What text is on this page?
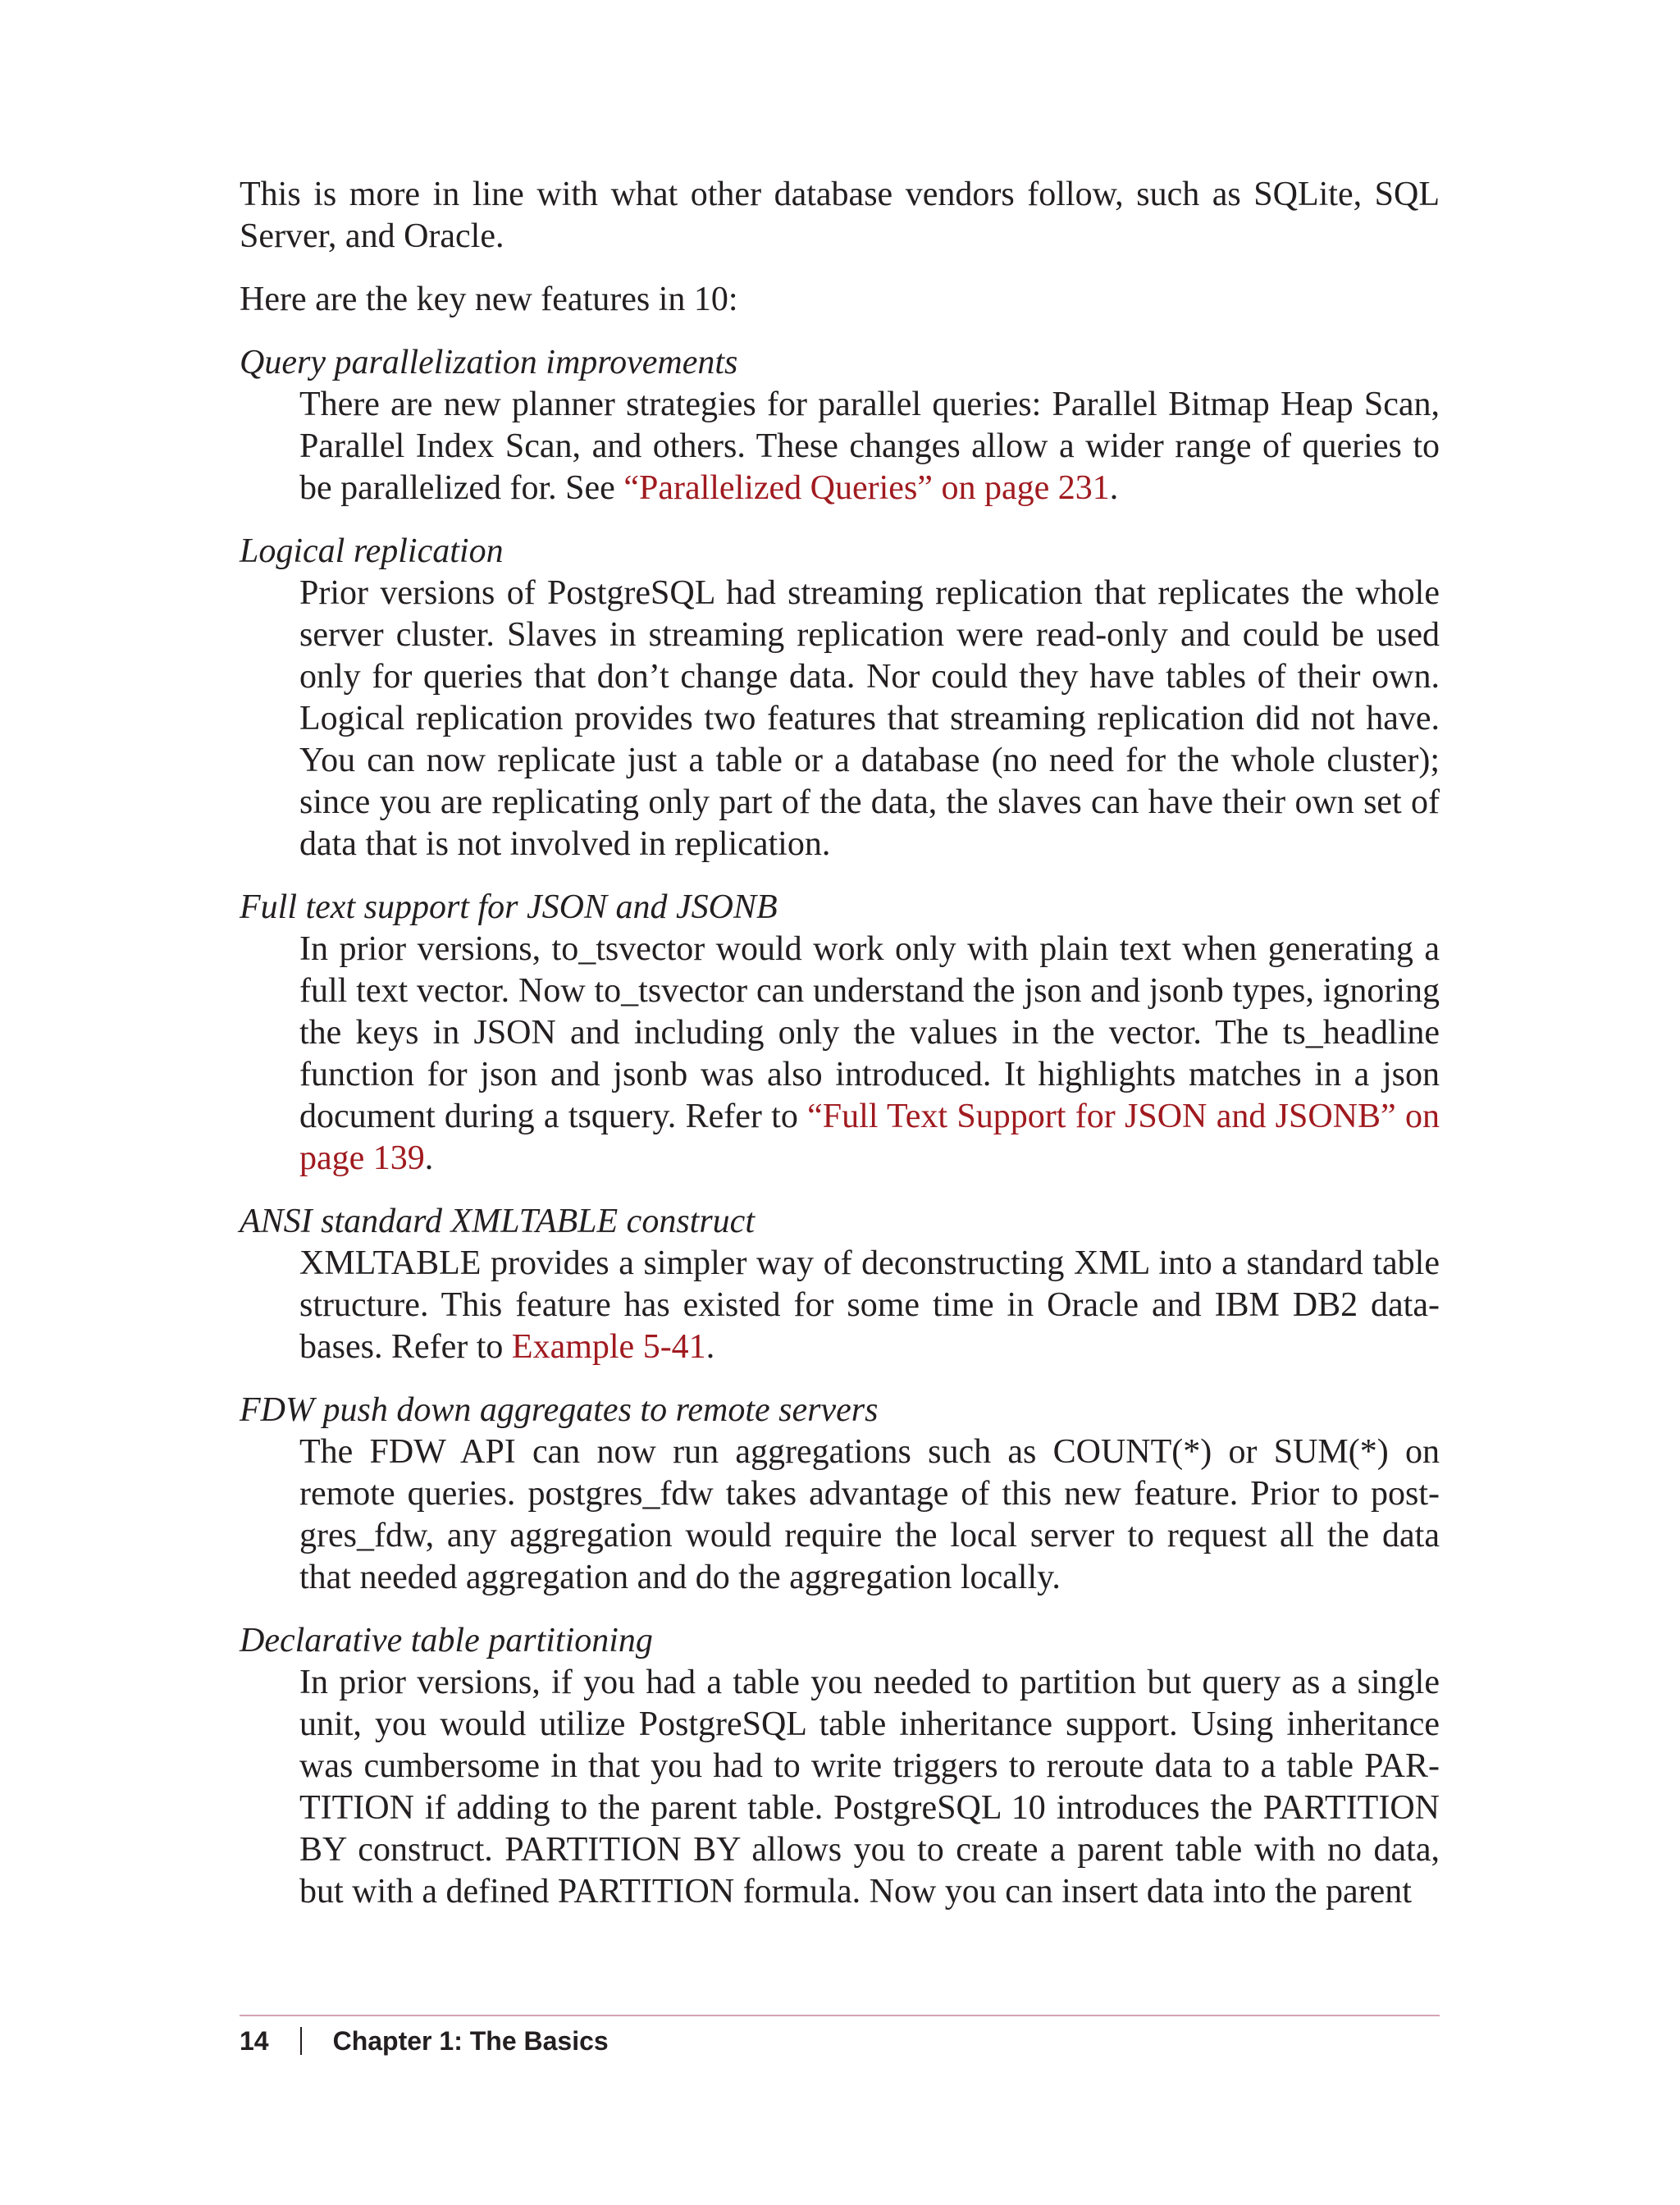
This is more in line with what other database vendors follow, such as SQLite, SQL Server, and Oracle.

Here are the key new features in 10:

Query parallelization improvements

There are new planner strategies for parallel queries: Parallel Bitmap Heap Scan, Parallel Index Scan, and others. These changes allow a wider range of queries to be parallelized for. See “Parallelized Queries” on page 231.

Logical replication

Prior versions of PostgreSQL had streaming replication that replicates the whole server cluster. Slaves in streaming replication were read-only and could be used only for queries that don’t change data. Nor could they have tables of their own. Logical replication provides two features that streaming replication did not have. You can now replicate just a table or a database (no need for the whole cluster); since you are replicating only part of the data, the slaves can have their own set of data that is not involved in replication.

Full text support for JSON and JSONB

In prior versions, to_tsvector would work only with plain text when generating a full text vector. Now to_tsvector can understand the json and jsonb types, ignoring the keys in JSON and including only the values in the vector. The ts_headline function for json and jsonb was also introduced. It highlights matches in a json document during a tsquery. Refer to “Full Text Support for JSON and JSONB” on page 139.

ANSI standard XMLTABLE construct

XMLTABLE provides a simpler way of deconstructing XML into a standard table structure. This feature has existed for some time in Oracle and IBM DB2 databases. Refer to Example 5-41.

FDW push down aggregates to remote servers

The FDW API can now run aggregations such as COUNT(*) or SUM(*) on remote queries. postgres_fdw takes advantage of this new feature. Prior to postgres_fdw, any aggregation would require the local server to request all the data that needed aggregation and do the aggregation locally.

Declarative table partitioning

In prior versions, if you had a table you needed to partition but query as a single unit, you would utilize PostgreSQL table inheritance support. Using inheritance was cumbersome in that you had to write triggers to reroute data to a table PARTITION if adding to the parent table. PostgreSQL 10 introduces the PARTITION BY construct. PARTITION BY allows you to create a parent table with no data, but with a defined PARTITION formula. Now you can insert data into the parent

14 Chapter 1: The Basics
